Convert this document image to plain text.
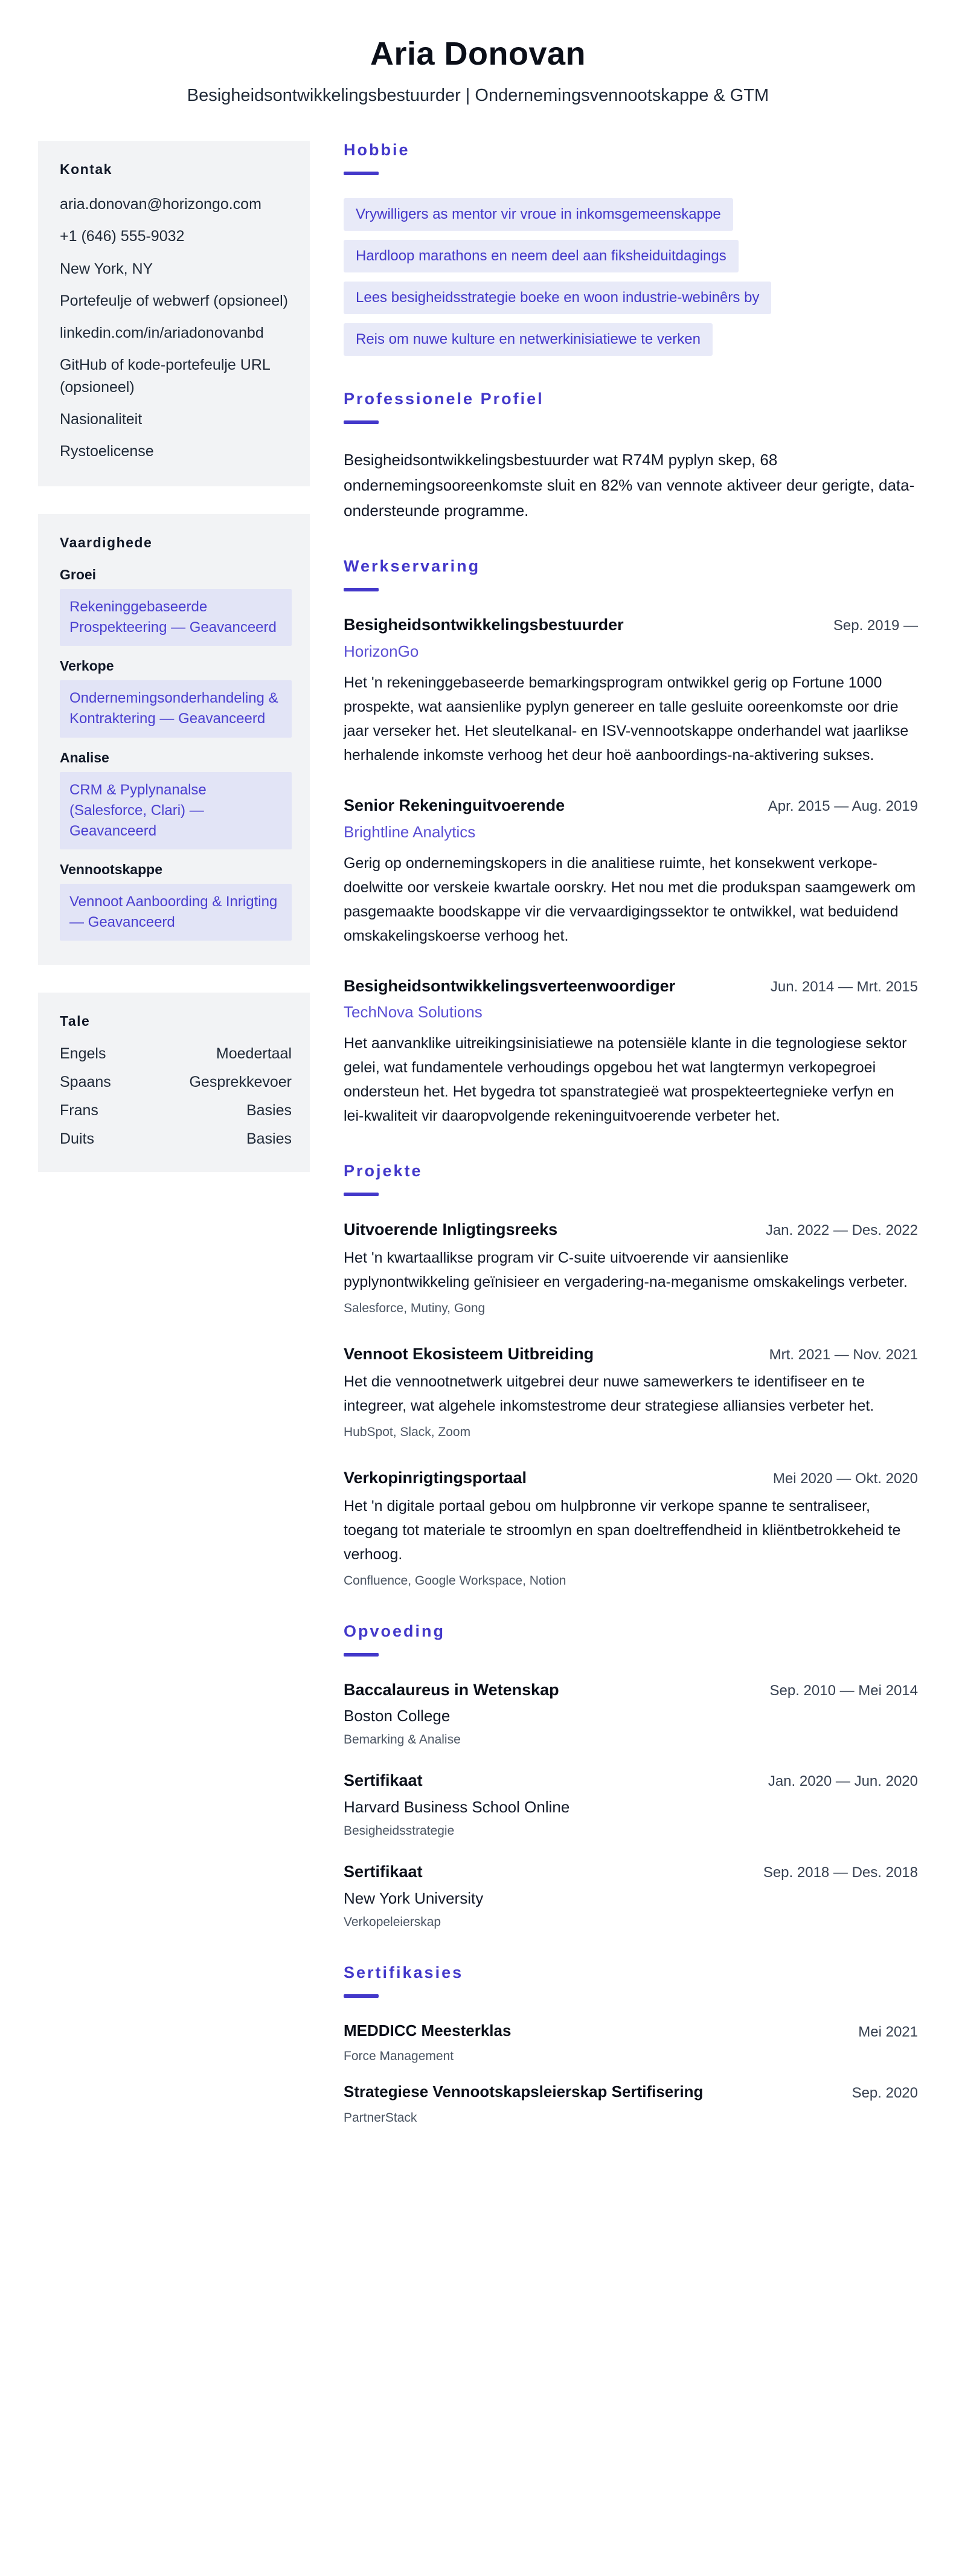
Aria Donovan
Besigheidsontwikkelingsbestuurder | Ondernemingsvennootskappe & GTM
Kontak
aria.donovan@horizongo.com
+1 (646) 555-9032
New York, NY
Portefeulje of webwerf (opsioneel)
linkedin.com/in/ariadonovanbd
GitHub of kode-portefeulje URL (opsioneel)
Nasionaliteit
Rystoelicense
Vaardighede
Groei
Rekeninggebaseerde Prospekteering — Geavanceerd
Verkope
Ondernemingsonderhandeling & Kontraktering — Geavanceerd
Analise
CRM & Pyplynanalse (Salesforce, Clari) — Geavanceerd
Vennootskappe
Vennoot Aanboording & Inrigting — Geavanceerd
Tale
Engels	Moedertaal
Spaans	Gesprekkevoer
Frans	Basies
Duits	Basies
Hobbie
Vrywilligers as mentor vir vroue in inkomsgemeenskappe
Hardloop marathons en neem deel aan fiksheiduitdagings
Lees besigheidsstrategie boeke en woon industrie-webinêrs by
Reis om nuwe kulture en netwerkinisiatiewe te verken
Professionele Profiel

Besigheidsontwikkelingsbestuurder wat R74M pyplyn skep, 68 ondernemingsooreenkomste sluit en 82% van vennote aktiveer deur gerigte, data-ondersteunde programme.

Werkservaring
Besigheidsontwikkelingsbestuurder	Sep. 2019 —
HorizonGo

Het 'n rekeninggebaseerde bemarkingsprogram ontwikkel gerig op Fortune 1000 prospekte, wat aansienlike pyplyn genereer en talle gesluite ooreenkomste oor drie jaar verseker het. Het sleutelkanal- en ISV-vennootskappe onderhandel wat jaarlikse herhalende inkomste verhoog het deur hoë aanboordings-na-aktivering sukses.

Senior Rekeninguitvoerende	Apr. 2015 — Aug. 2019
Brightline Analytics

Gerig op ondernemingskopers in die analitiese ruimte, het konsekwent verkope-doelwitte oor verskeie kwartale oorskry. Het nou met die produkspan saamgewerk om pasgemaakte boodskappe vir die vervaardigingssektor te ontwikkel, wat beduidend omskakelingskoerse verhoog het.

Besigheidsontwikkelingsverteenwoordiger	Jun. 2014 — Mrt. 2015
TechNova Solutions

Het aanvanklike uitreikingsinisiatiewe na potensiële klante in die tegnologiese sektor gelei, wat fundamentele verhoudings opgebou het wat langtermyn verkopegroei ondersteun het. Het bygedra tot spanstrategieë wat prospekteertegnieke verfyn en lei-kwaliteit vir daaropvolgende rekeninguitvoerende verbeter het.

Projekte
Uitvoerende Inligtingsreeks	Jan. 2022 — Des. 2022

Het 'n kwartaallikse program vir C-suite uitvoerende vir aansienlike pyplynontwikkeling geïnisieer en vergadering-na-meganisme omskakelings verbeter.

Salesforce, Mutiny, Gong
Vennoot Ekosisteem Uitbreiding	Mrt. 2021 — Nov. 2021

Het die vennootnetwerk uitgebrei deur nuwe samewerkers te identifiseer en te integreer, wat algehele inkomstestrome deur strategiese alliansies verbeter het.

HubSpot, Slack, Zoom
Verkopinrigtingsportaal	Mei 2020 — Okt. 2020

Het 'n digitale portaal gebou om hulpbronne vir verkope spanne te sentraliseer, toegang tot materiale te stroomlyn en span doeltreffendheid in kliëntbetrokkeheid te verhoog.

Confluence, Google Workspace, Notion
Opvoeding
Baccalaureus in Wetenskap	Sep. 2010 — Mei 2014
Boston College
Bemarking & Analise
Sertifikaat	Jan. 2020 — Jun. 2020
Harvard Business School Online
Besigheidsstrategie
Sertifikaat	Sep. 2018 — Des. 2018
New York University
Verkopeleierskap
Sertifikasies
MEDDICC Meesterklas	Mei 2021
Force Management
Strategiese Vennootskapsleierskap Sertifisering	Sep. 2020
PartnerStack
